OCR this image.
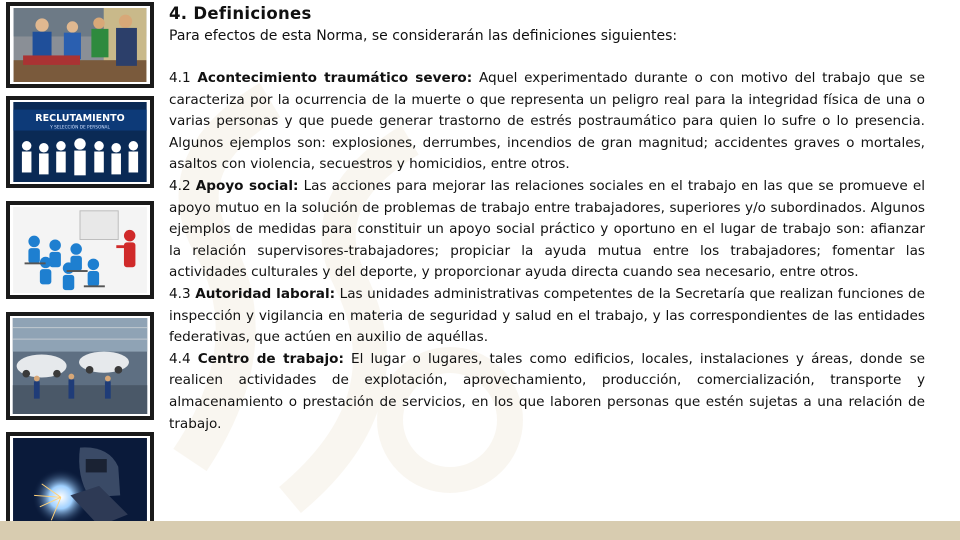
RECLUTAMIENTO
Y SELECCIÓN DE PERSONAL
4. Definiciones
Para efectos de esta Norma, se considerarán las definiciones siguientes:
4.1 Acontecimiento traumático severo: Aquel experimentado durante o con motivo del trabajo que se caracteriza por la ocurrencia de la muerte o que representa un peligro real para la integridad física de una o varias personas y que puede generar trastorno de estrés postraumático para quien lo sufre o lo presencia. Algunos ejemplos son: explosiones, derrumbes, incendios de gran magnitud; accidentes graves o mortales, asaltos con violencia, secuestros y homicidios, entre otros.
4.2 Apoyo social: Las acciones para mejorar las relaciones sociales en el trabajo en las que se promueve el apoyo mutuo en la solución de problemas de trabajo entre trabajadores, superiores y/o subordinados. Algunos ejemplos de medidas para constituir un apoyo social práctico y oportuno en el lugar de trabajo son: afianzar la relación supervisores-trabajadores; propiciar la ayuda mutua entre los trabajadores; fomentar las actividades culturales y del deporte, y proporcionar ayuda directa cuando sea necesario, entre otros.
4.3 Autoridad laboral: Las unidades administrativas competentes de la Secretaría que realizan funciones de inspección y vigilancia en materia de seguridad y salud en el trabajo, y las correspondientes de las entidades federativas, que actúen en auxilio de aquéllas.
4.4 Centro de trabajo: El lugar o lugares, tales como edificios, locales, instalaciones y áreas, donde se realicen actividades de explotación, aprovechamiento, producción, comercialización, transporte y almacenamiento o prestación de servicios, en los que laboren personas que estén sujetas a una relación de trabajo.
